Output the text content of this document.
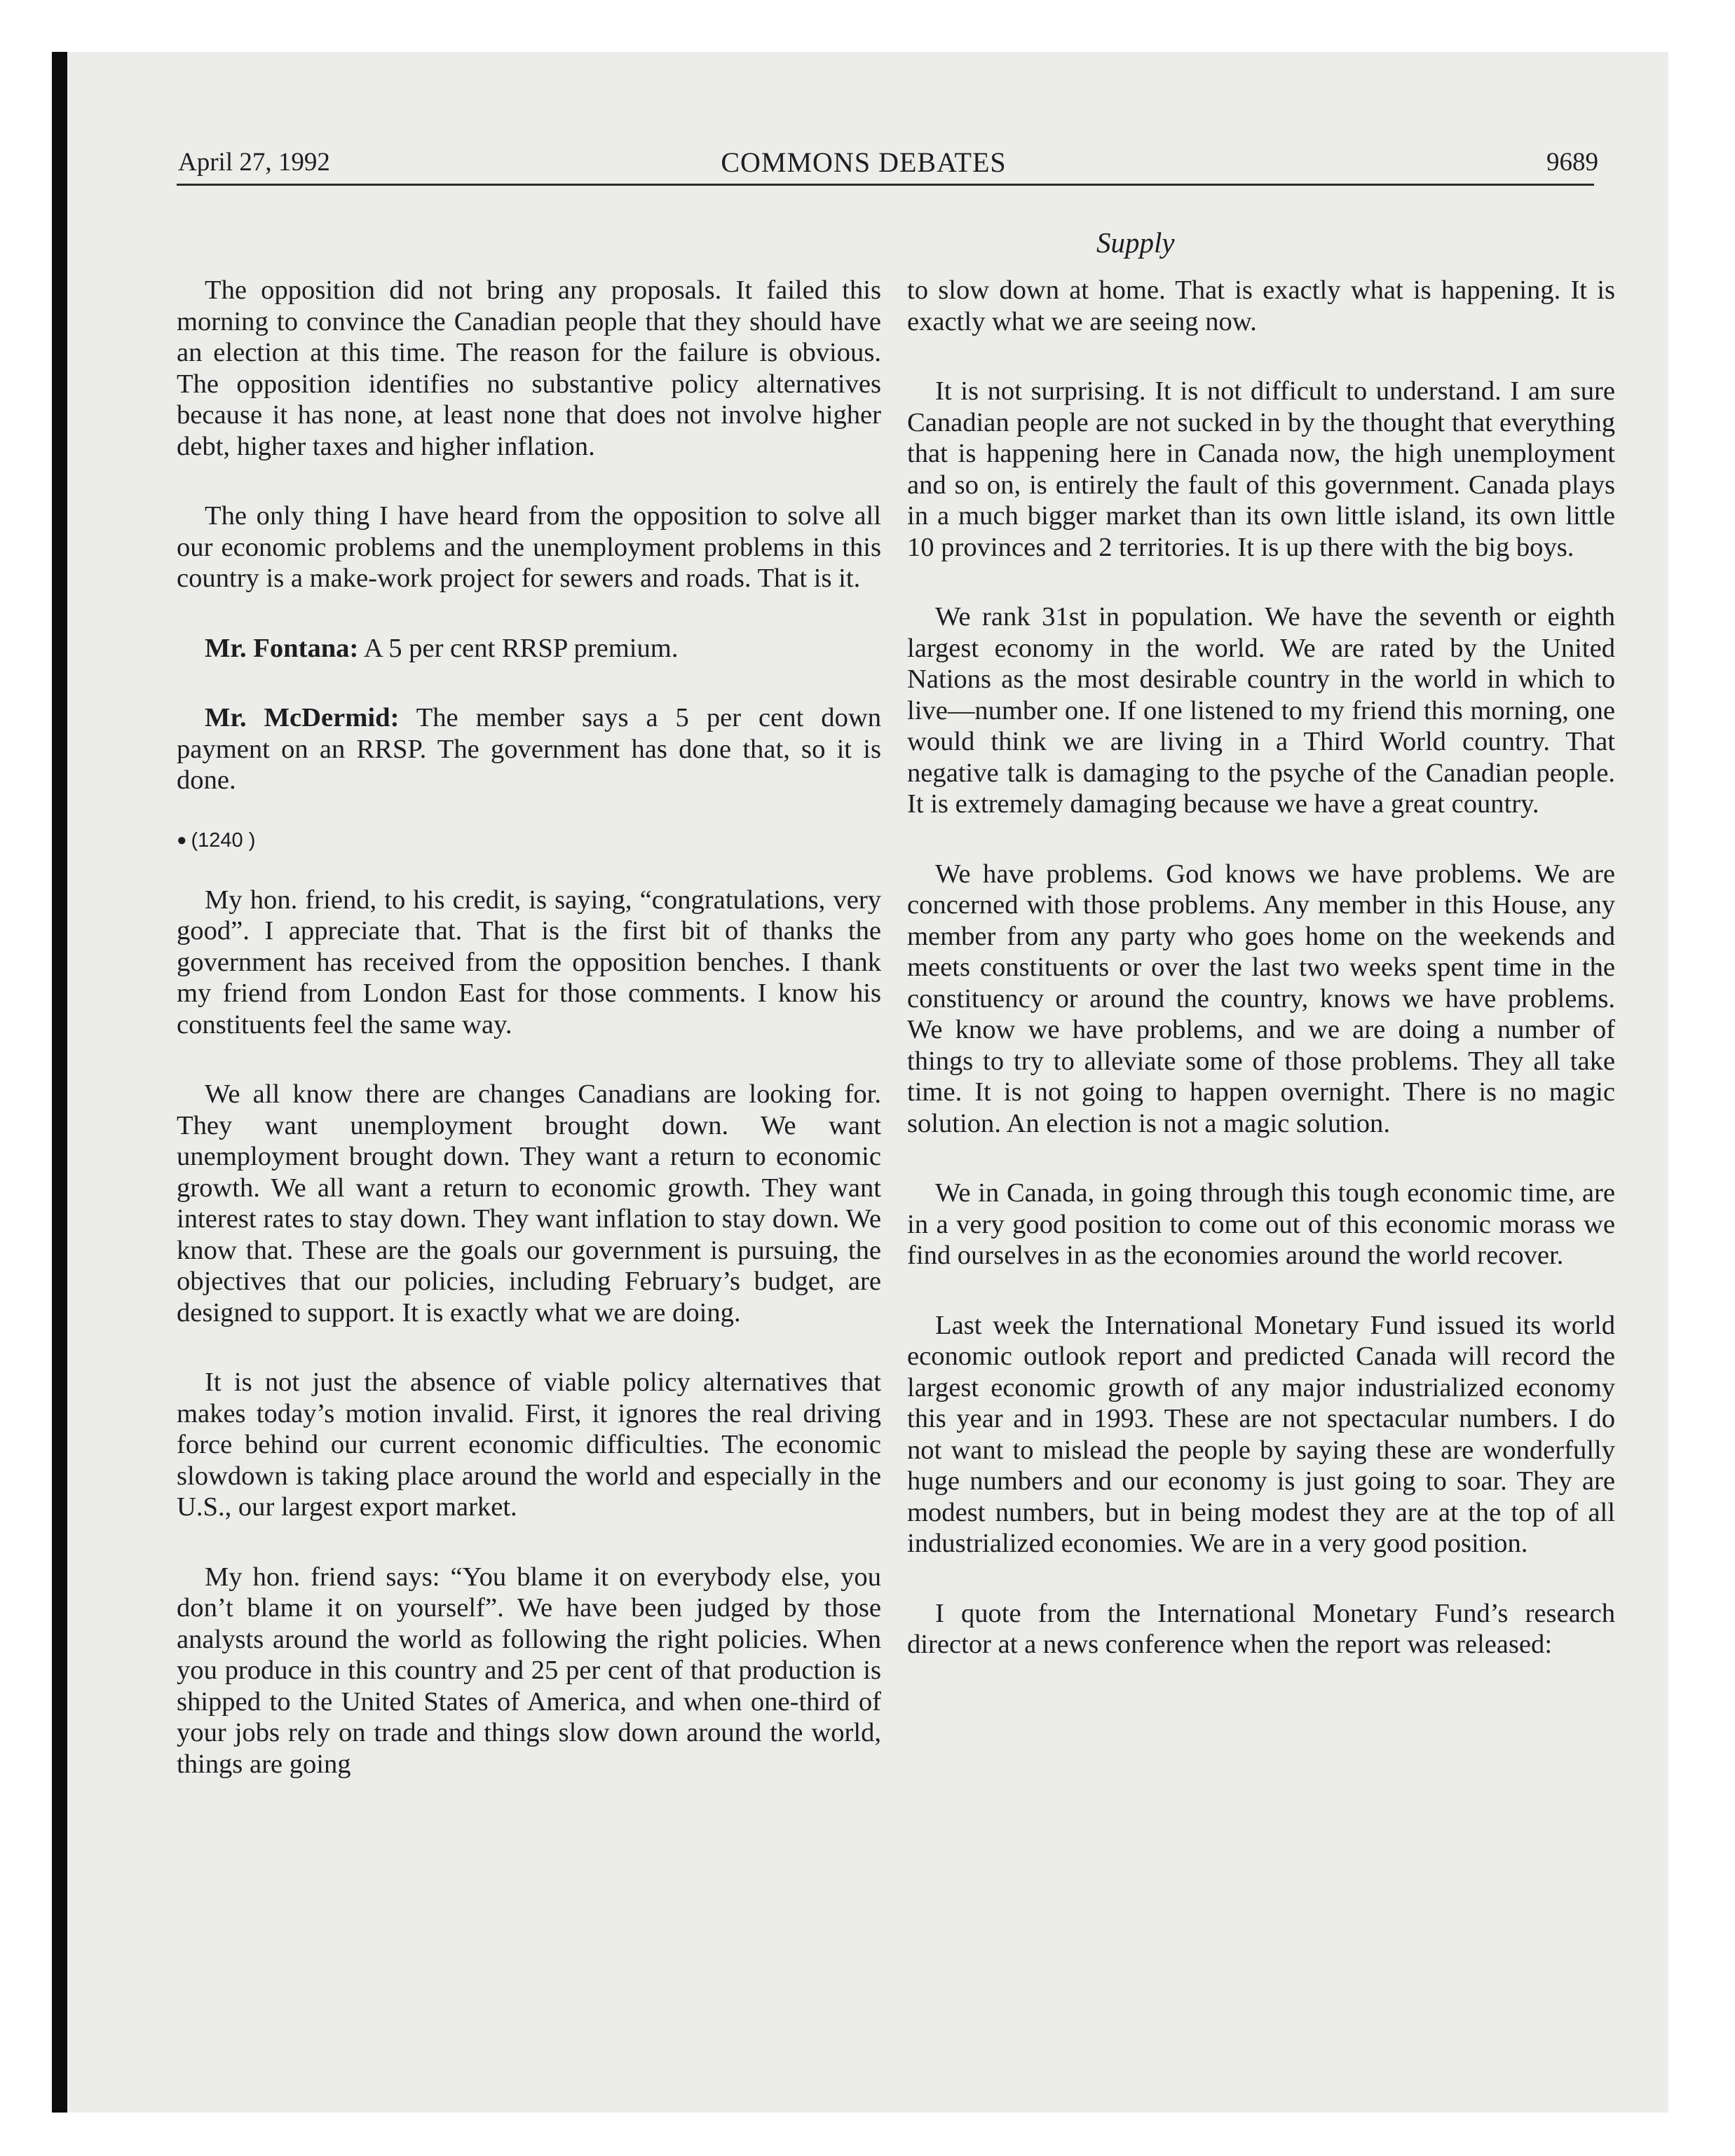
April 27, 1992	COMMONS DEBATES	9689
Supply

The opposition did not bring any proposals. It failed this morning to convince the Canadian people that they should have an election at this time. The reason for the failure is obvious. The opposition identifies no substantive policy alternatives because it has none, at least none that does not involve higher debt, higher taxes and higher inflation.

The only thing I have heard from the opposition to solve all our economic problems and the unemployment problems in this country is a make-work project for sewers and roads. That is it.

Mr. Fontana: A 5 per cent RRSP premium.

Mr. McDermid: The member says a 5 per cent down payment on an RRSP. The government has done that, so it is done.

● (1240 )

My hon. friend, to his credit, is saying, “congratulations, very good”. I appreciate that. That is the first bit of thanks the government has received from the opposition benches. I thank my friend from London East for those comments. I know his constituents feel the same way.

We all know there are changes Canadians are looking for. They want unemployment brought down. We want unemployment brought down. They want a return to economic growth. We all want a return to economic growth. They want interest rates to stay down. They want inflation to stay down. We know that. These are the goals our government is pursuing, the objectives that our policies, including February’s budget, are designed to support. It is exactly what we are doing.

It is not just the absence of viable policy alternatives that makes today’s motion invalid. First, it ignores the real driving force behind our current economic difficulties. The economic slowdown is taking place around the world and especially in the U.S., our largest export market.

My hon. friend says: “You blame it on everybody else, you don’t blame it on yourself”. We have been judged by those analysts around the world as following the right policies. When you produce in this country and 25 per cent of that production is shipped to the United States of America, and when one-third of your jobs rely on trade and things slow down around the world, things are going

to slow down at home. That is exactly what is happening. It is exactly what we are seeing now.

It is not surprising. It is not difficult to understand. I am sure Canadian people are not sucked in by the thought that everything that is happening here in Canada now, the high unemployment and so on, is entirely the fault of this government. Canada plays in a much bigger market than its own little island, its own little 10 provinces and 2 territories. It is up there with the big boys.

We rank 31st in population. We have the seventh or eighth largest economy in the world. We are rated by the United Nations as the most desirable country in the world in which to live—number one. If one listened to my friend this morning, one would think we are living in a Third World country. That negative talk is damaging to the psyche of the Canadian people. It is extremely damaging because we have a great country.

We have problems. God knows we have problems. We are concerned with those problems. Any member in this House, any member from any party who goes home on the weekends and meets constituents or over the last two weeks spent time in the constituency or around the country, knows we have problems. We know we have problems, and we are doing a number of things to try to alleviate some of those problems. They all take time. It is not going to happen overnight. There is no magic solution. An election is not a magic solution.

We in Canada, in going through this tough economic time, are in a very good position to come out of this economic morass we find ourselves in as the economies around the world recover.

Last week the International Monetary Fund issued its world economic outlook report and predicted Canada will record the largest economic growth of any major industrialized economy this year and in 1993. These are not spectacular numbers. I do not want to mislead the people by saying these are wonderfully huge numbers and our economy is just going to soar. They are modest numbers, but in being modest they are at the top of all industrialized economies. We are in a very good position.

I quote from the International Monetary Fund’s research director at a news conference when the report was released:
